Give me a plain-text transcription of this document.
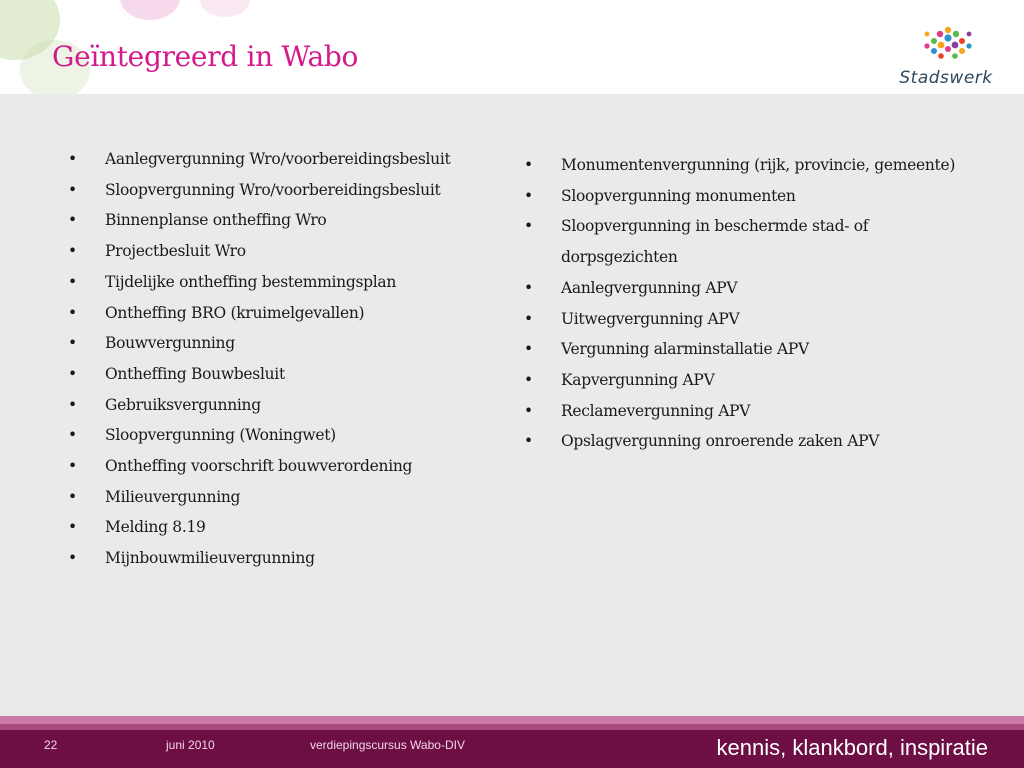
Geïntegreerd in Wabo
Stadswerk
• Aanlegvergunning Wro/voorbereidingsbesluit
• Sloopvergunning Wro/voorbereidingsbesluit
• Binnenplanse ontheffing Wro
• Projectbesluit Wro
• Tijdelijke ontheffing bestemmingsplan
• Ontheffing BRO (kruimelgevallen)
• Bouwvergunning
• Ontheffing Bouwbesluit
• Gebruiksvergunning
• Sloopvergunning (Woningwet)
• Ontheffing voorschrift bouwverordening
• Milieuvergunning
• Melding 8.19
• Mijnbouwmilieuvergunning
• Monumentenvergunning (rijk, provincie, gemeente)
• Sloopvergunning monumenten
• Sloopvergunning in beschermde stad- of
dorpsgezichten
• Aanlegvergunning APV
• Uitwegvergunning APV
• Vergunning alarminstallatie APV
• Kapvergunning APV
• Reclamevergunning APV
• Opslagvergunning onroerende zaken APV
22	juni 2010	verdiepingscursus Wabo-DIV	kennis, klankbord, inspiratie
